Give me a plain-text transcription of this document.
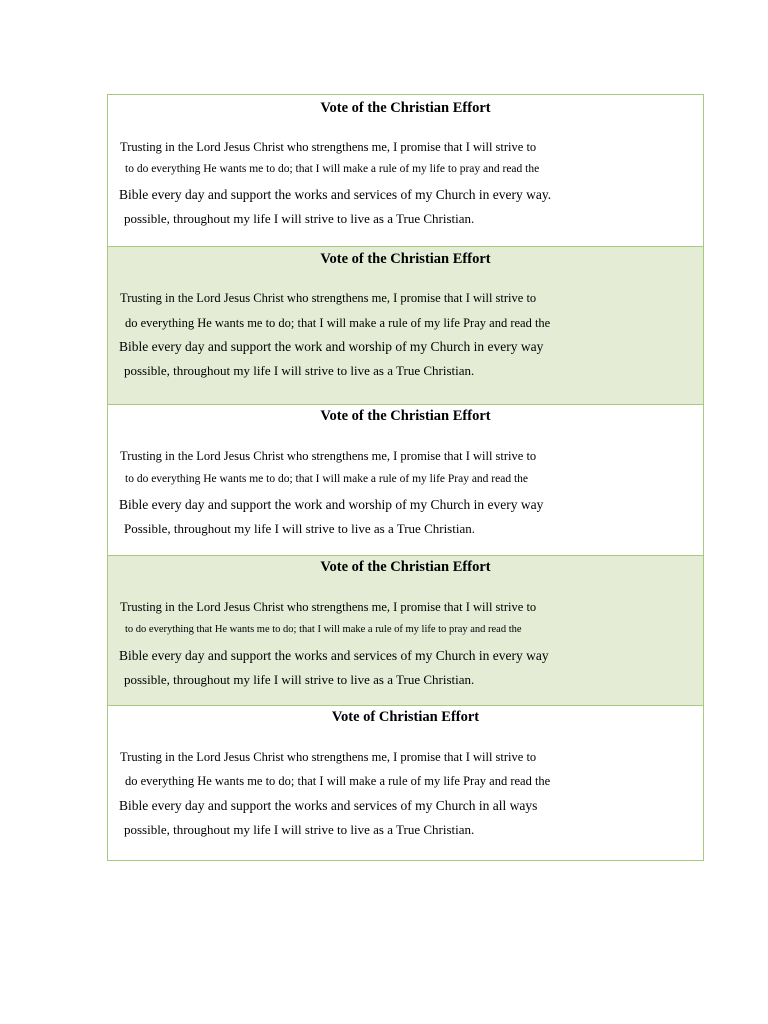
Vote of the Christian Effort
Trusting in the Lord Jesus Christ who strengthens me, I promise that I will strive to
to do everything He wants me to do; that I will make a rule of my life to pray and read the
Bible every day and support the works and services of my Church in every way.
possible, throughout my life I will strive to live as a True Christian.
Vote of the Christian Effort
Trusting in the Lord Jesus Christ who strengthens me, I promise that I will strive to
do everything He wants me to do; that I will make a rule of my life Pray and read the
Bible every day and support the work and worship of my Church in every way
possible, throughout my life I will strive to live as a True Christian.
Vote of the Christian Effort
Trusting in the Lord Jesus Christ who strengthens me, I promise that I will strive to
to do everything He wants me to do; that I will make a rule of my life Pray and read the
Bible every day and support the work and worship of my Church in every way
Possible, throughout my life I will strive to live as a True Christian.
Vote of the Christian Effort
Trusting in the Lord Jesus Christ who strengthens me, I promise that I will strive to
to do everything that He wants me to do; that I will make a rule of my life to pray and read the
Bible every day and support the works and services of my Church in every way
possible, throughout my life I will strive to live as a True Christian.
Vote of Christian Effort
Trusting in the Lord Jesus Christ who strengthens me, I promise that I will strive to
do everything He wants me to do; that I will make a rule of my life Pray and read the
Bible every day and support the works and services of my Church in all ways
possible, throughout my life I will strive to live as a True Christian.
